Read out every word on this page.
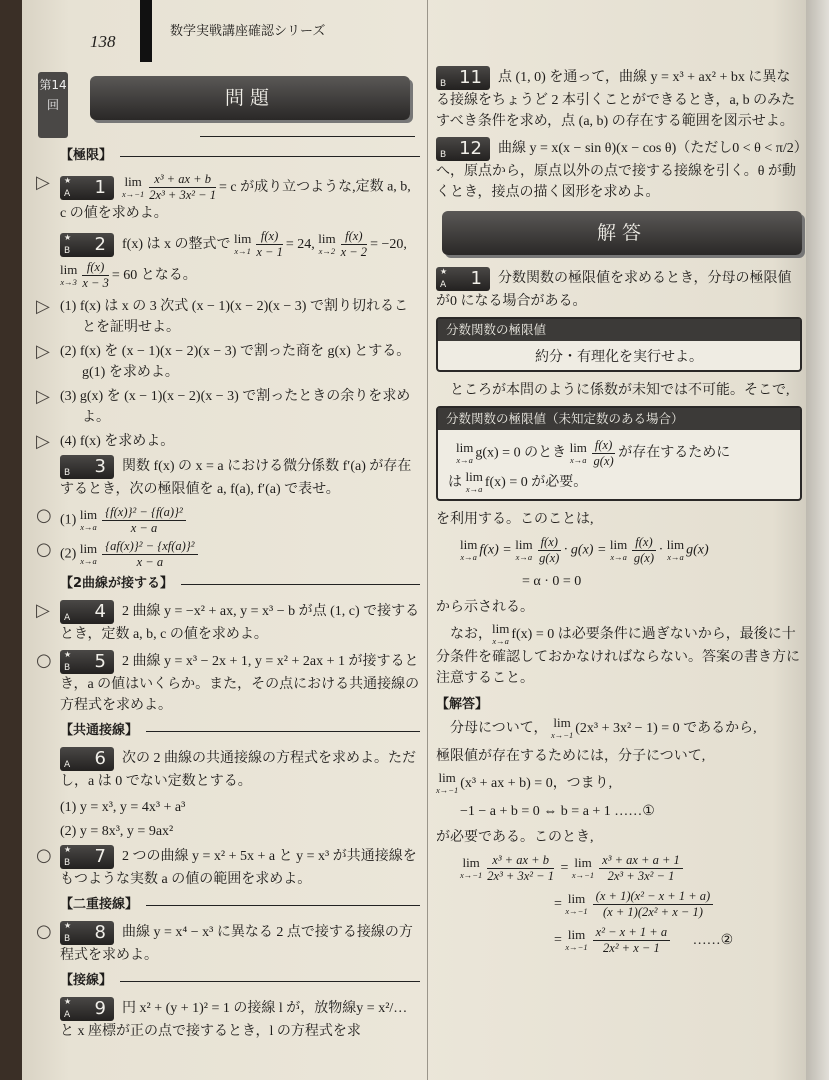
138
数学実戦講座確認シリーズ
第14回	問題
【極限】
▷ ★
A 1 lim
$x\to-1 \frac{\text{x³ + ax + b}}{\text{2x³ + 3x² − 1}} = c$ が成り立つような,定数 a, b, c の値を求めよ。
★
B 2 f(x) は x の整式で lim
$x\to 1 \frac{f(x)}{x - 1} = 24$, lim
$x\to 2 \frac{f(x)}{x - 2} = -20$,
lim
$x\to 3 \frac{f(x)}{x - 3} = 60$ となる。
▷ (1) f(x) は x の 3 次式 (x − 1)(x − 2)(x − 3) で割り切れることを証明せよ。
▷ (2) f(x) を (x − 1)(x − 2)(x − 3) で割った商を g(x) とする。g(1) を求めよ。
▷ (3) g(x) を (x − 1)(x − 2)(x − 3) で割ったときの余りを求めよ。
▷ (4) f(x) を求めよ。
B 3 関数 f(x) の x = a における微分係数 f′(a) が存在するとき，次の極限値を a, f(a), f′(a) で表せ。
○ (1) lim
$x\to a \frac{\text{\{f(x)\}² − \{f(a)\}²}}{x - a}$
○ (2) lim
$x\to a \frac{\text{\{af(x)\}² − \{xf(a)\}²}}{x - a}$
【2曲線が接する】
▷ A 4 2 曲線 y = −x² + ax, y = x³ − b が点 (1, c) で接するとき，定数 a, b, c の値を求めよ。
○ ★
B 5 2 曲線 y = x³ − 2x + 1, y = x² + 2ax + 1 が接するとき，a の値はいくらか。また，その点における共通接線の方程式を求めよ。
【共通接線】
A 6 次の 2 曲線の共通接線の方程式を求めよ。ただし，a は 0 でない定数とする。
(1) y = x³, y = 4x³ + a³
(2) y = 8x³, y = 9ax²
○ ★
B 7 2 つの曲線 y = x² + 5x + a と y = x³ が共通接線をもつような実数 a の値の範囲を求めよ。
【二重接線】
○ ★
B 8 曲線 y = x⁴ − x³ に異なる 2 点で接する接線の方程式を求めよ。
【接線】
★
A 9 円 x² + (y + 1)² = 1 の接線 l が，放物線y = x²/… と x 座標が正の点で接するとき，l の方程式を求
B 11 点 (1, 0) を通って，曲線 y = x³ + ax² + bx に異なる接線をちょうど 2 本引くことができるとき，a, b のみたすべき条件を求め，点 (a, b) の存在する範囲を図示せよ。
B 12 曲線 y = x(x − sin θ)(x − cos θ)（ただし0 < θ < π/2）へ，原点から，原点以外の点で接する接線を引く。θ が動くとき，接点の描く図形を求めよ。
解答
★
A 1 分数関数の極限値を求めるとき，分母の極限値が0 になる場合がある。
分数関数の極限値
約分・有理化を実行せよ。
ところが本問のように係数が未知では不可能。そこで,
分数関数の極限値（未知定数のある場合）
lim
x→a g(x) = 0 のとき lim
$x\to a \frac{f(x)}{g(x)}$ が存在するために
は lim
x→a f(x) = 0 が必要。
を利用する。このことは,
lim
x→a f(x) = lim
$x\to a \frac{f(x)}{g(x)} \cdot g(x) = \lim$
$x\to a \frac{f(x)}{g(x)} \cdot \lim$
x→a g(x)
= α · 0 = 0
から示される。
なお， lim
x→a f(x) = 0 は必要条件に過ぎないから，最後に十分条件を確認しておかなければならない。答案の書き方に注意すること。
【解答】
分母について， lim
x→−1 (2x³ + 3x² − 1) = 0 であるから,
極限値が存在するためには，分子について,
lim
x→−1 (x³ + ax + b) = 0，つまり,
−1 − a + b = 0 ⇔ b = a + 1 ……①
が必要である。このとき,
lim
$x\to-1 \frac{\text{x³ + ax + b}}{\text{2x³ + 3x² − 1}} = \lim$
$x\to-1 \frac{\text{x³ + ax + a + 1}}{\text{2x³ + 3x² − 1}}$
= lim
$x\to-1 \frac{\text{(x + 1)(x² − x + 1 + a)}}{\text{(x + 1)(2x² + x − 1)}}$
= lim
$x\to-1 \frac{\text{x² − x + 1 + a}}{\text{2x² + x − 1}}$ ……②
